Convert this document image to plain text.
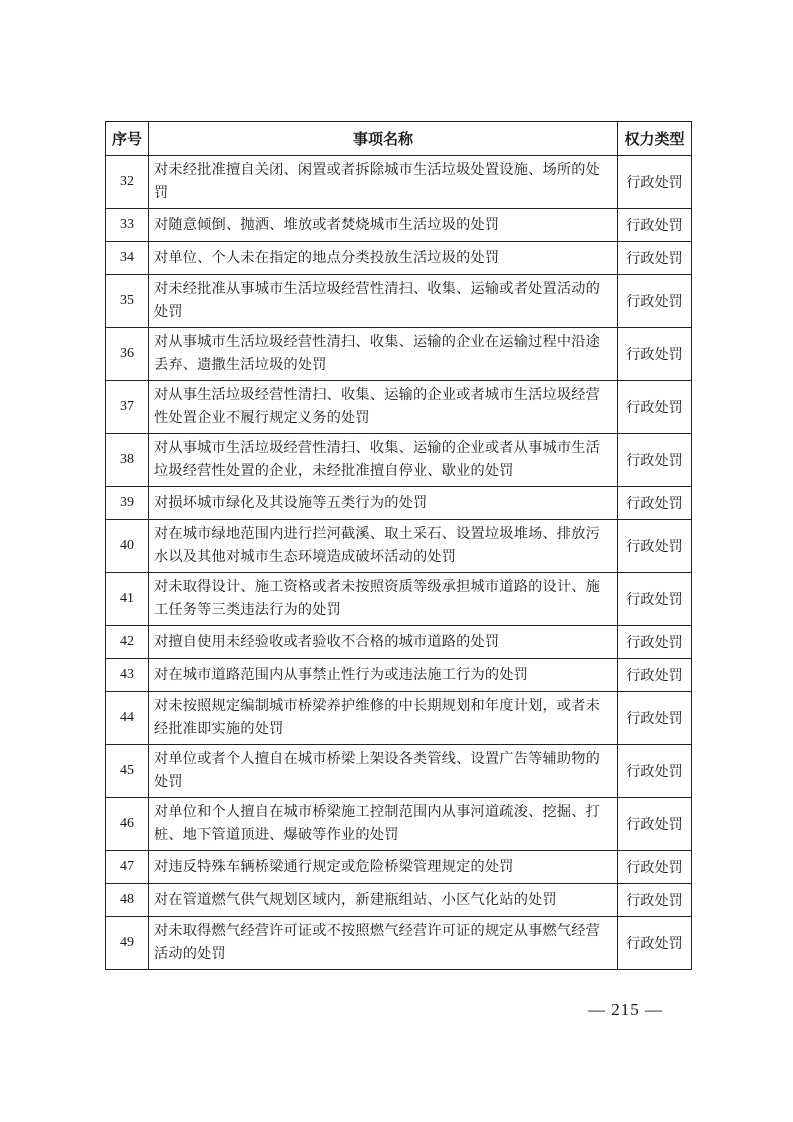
序号	事项名称	权力类型
32	对未经批准擅自关闭、闲置或者拆除城市生活垃圾处置设施、场所的处罚	行政处罚
33	对随意倾倒、抛洒、堆放或者焚烧城市生活垃圾的处罚	行政处罚
34	对单位、个人未在指定的地点分类投放生活垃圾的处罚	行政处罚
35	对未经批准从事城市生活垃圾经营性清扫、收集、运输或者处置活动的处罚	行政处罚
36	对从事城市生活垃圾经营性清扫、收集、运输的企业在运输过程中沿途丢弃、遗撒生活垃圾的处罚	行政处罚
37	对从事生活垃圾经营性清扫、收集、运输的企业或者城市生活垃圾经营性处置企业不履行规定义务的处罚	行政处罚
38	对从事城市生活垃圾经营性清扫、收集、运输的企业或者从事城市生活垃圾经营性处置的企业，未经批准擅自停业、歇业的处罚	行政处罚
39	对损坏城市绿化及其设施等五类行为的处罚	行政处罚
40	对在城市绿地范围内进行拦河截溪、取土采石、设置垃圾堆场、排放污水以及其他对城市生态环境造成破坏活动的处罚	行政处罚
41	对未取得设计、施工资格或者未按照资质等级承担城市道路的设计、施工任务等三类违法行为的处罚	行政处罚
42	对擅自使用未经验收或者验收不合格的城市道路的处罚	行政处罚
43	对在城市道路范围内从事禁止性行为或违法施工行为的处罚	行政处罚
44	对未按照规定编制城市桥梁养护维修的中长期规划和年度计划，或者未经批准即实施的处罚	行政处罚
45	对单位或者个人擅自在城市桥梁上架设各类管线、设置广告等辅助物的处罚	行政处罚
46	对单位和个人擅自在城市桥梁施工控制范围内从事河道疏浚、挖掘、打桩、地下管道顶进、爆破等作业的处罚	行政处罚
47	对违反特殊车辆桥梁通行规定或危险桥梁管理规定的处罚	行政处罚
48	对在管道燃气供气规划区域内，新建瓶组站、小区气化站的处罚	行政处罚
49	对未取得燃气经营许可证或不按照燃气经营许可证的规定从事燃气经营活动的处罚	行政处罚
— 215 —
